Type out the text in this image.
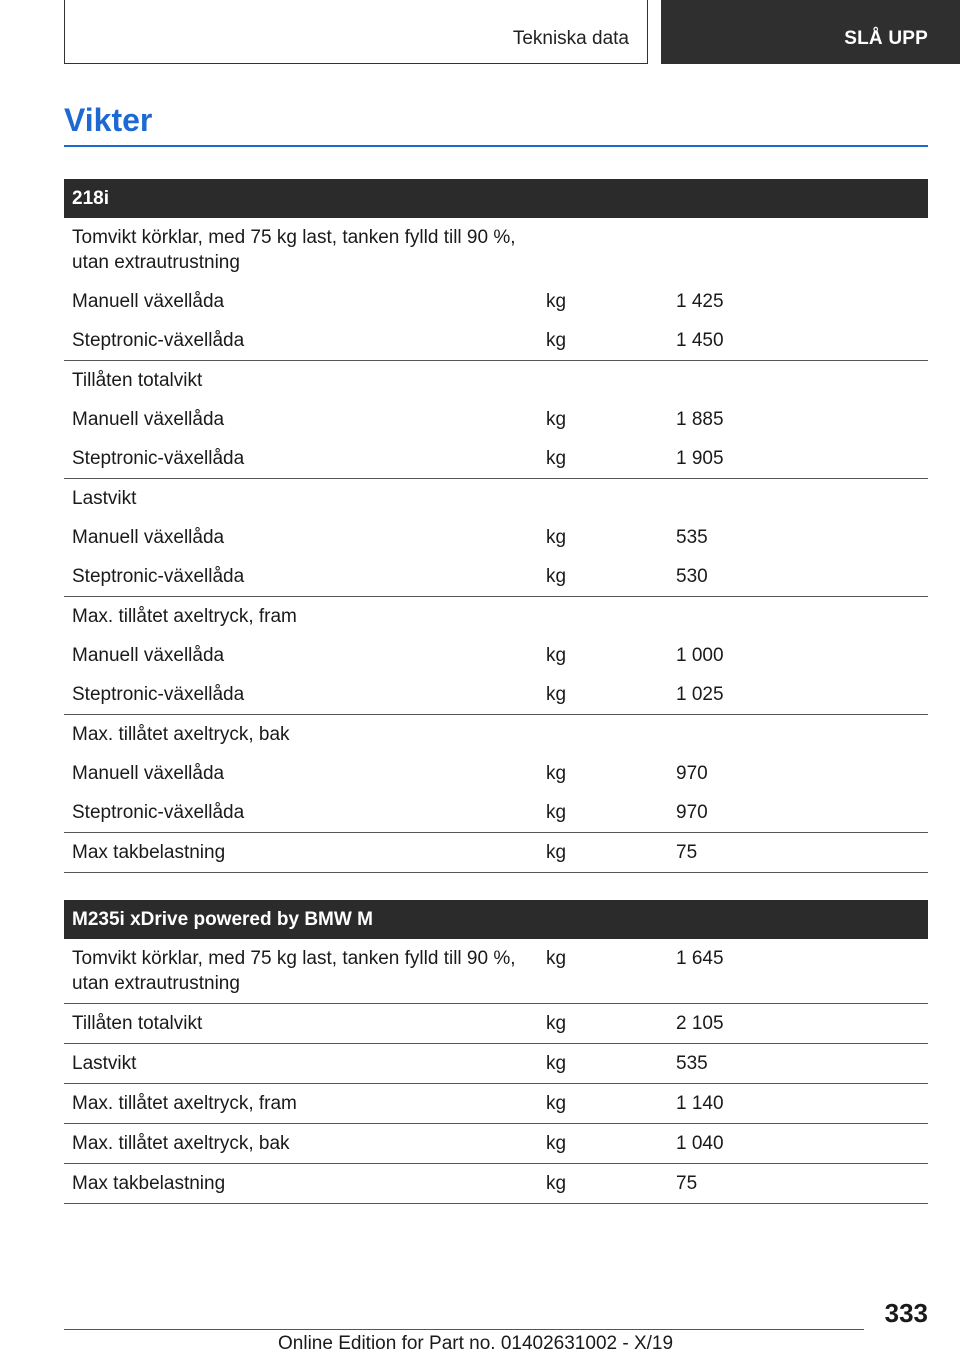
Tekniska data	SLÅ UPP
Vikter
218i		
Tomvikt körklar, med 75 kg last, tanken fylld till 90 %, utan extrautrustning		
Manuell växellåda	kg	1 425
Steptronic-växellåda	kg	1 450
Tillåten totalvikt		
Manuell växellåda	kg	1 885
Steptronic-växellåda	kg	1 905
Lastvikt		
Manuell växellåda	kg	535
Steptronic-växellåda	kg	530
Max. tillåtet axeltryck, fram		
Manuell växellåda	kg	1 000
Steptronic-växellåda	kg	1 025
Max. tillåtet axeltryck, bak		
Manuell växellåda	kg	970
Steptronic-växellåda	kg	970
Max takbelastning	kg	75
M235i xDrive powered by BMW M		
Tomvikt körklar, med 75 kg last, tanken fylld till 90 %, utan extrautrustning	kg	1 645
Tillåten totalvikt	kg	2 105
Lastvikt	kg	535
Max. tillåtet axeltryck, fram	kg	1 140
Max. tillåtet axeltryck, bak	kg	1 040
Max takbelastning	kg	75
333
Online Edition for Part no. 01402631002 - X/19
